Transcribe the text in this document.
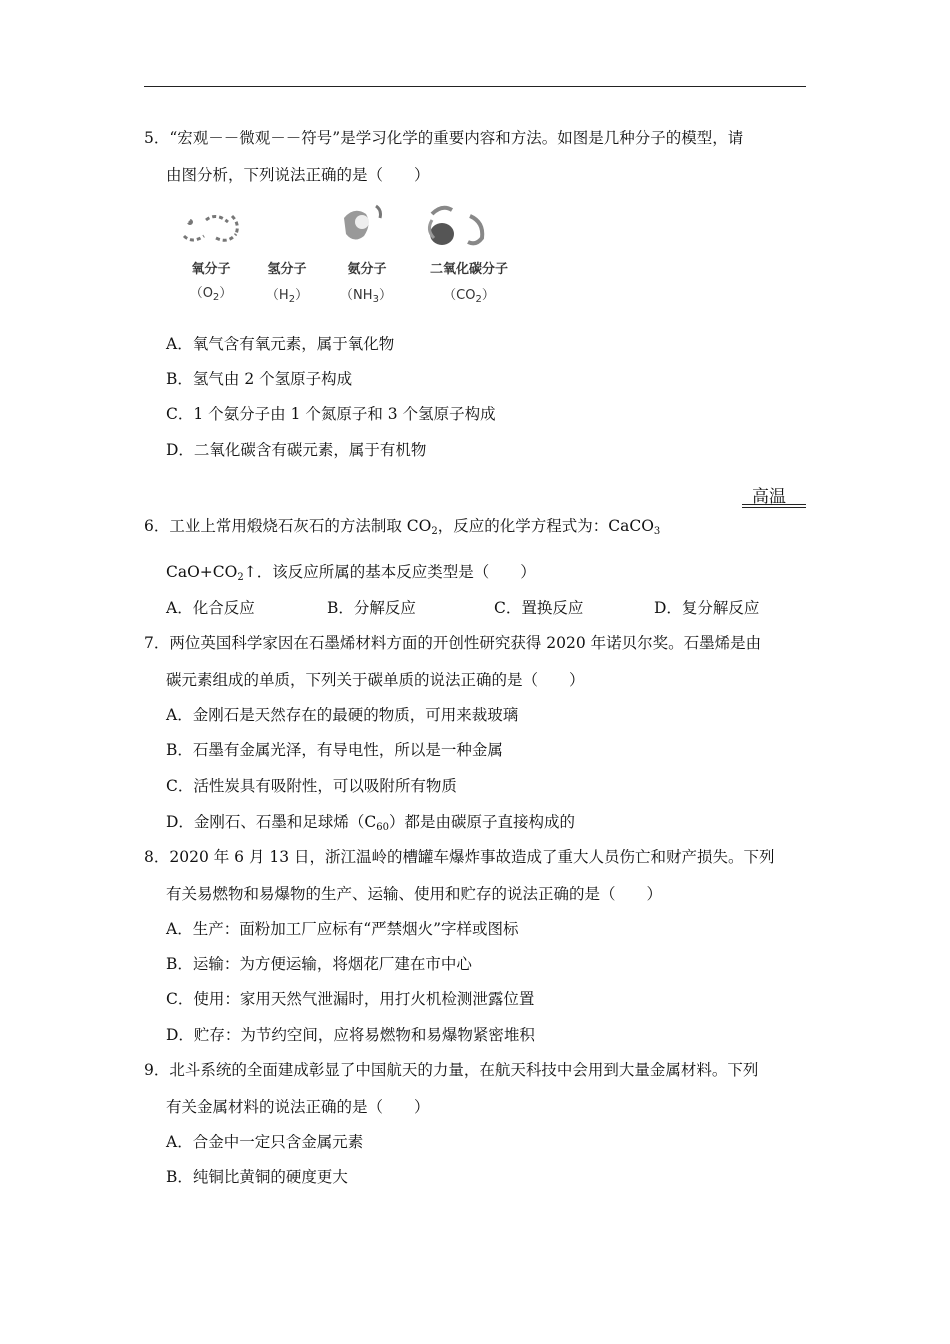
5．“宏观－－微观－－符号”是学习化学的重要内容和方法。如图是几种分子的模型，请
由图分析，下列说法正确的是（　　）
氧分子	氢分子	氨分子	二氧化碳分子
$(O_2)$	$(H_2)$	$(NH_3)$	$(CO_2)$
A．氧气含有氧元素，属于氧化物
B．氢气由 2 个氢原子构成
C．1 个氨分子由 1 个氮原子和 3 个氢原子构成
D．二氧化碳含有碳元素，属于有机物
高温
6．工业上常用煅烧石灰石的方法制取 $CO_2$，反应的化学方程式为：CaCO$_3$
$CaO+CO_2↑$．该反应所属的基本反应类型是（　　）
A．化合反应	B．分解反应	C．置换反应	D．复分解反应
7．两位英国科学家因在石墨烯材料方面的开创性研究获得 2020 年诺贝尔奖。石墨烯是由
碳元素组成的单质，下列关于碳单质的说法正确的是（　　）
A．金刚石是天然存在的最硬的物质，可用来裁玻璃
B．石墨有金属光泽，有导电性，所以是一种金属
C．活性炭具有吸附性，可以吸附所有物质
D．金刚石、石墨和足球烯$(C_{60})$都是由碳原子直接构成的
8．2020 年 6 月 13 日，浙江温岭的槽罐车爆炸事故造成了重大人员伤亡和财产损失。下列
有关易燃物和易爆物的生产、运输、使用和贮存的说法正确的是（　　）
A．生产：面粉加工厂应标有“严禁烟火”字样或图标
B．运输：为方便运输，将烟花厂建在市中心
C．使用：家用天然气泄漏时，用打火机检测泄露位置
D．贮存：为节约空间，应将易燃物和易爆物紧密堆积
9．北斗系统的全面建成彰显了中国航天的力量，在航天科技中会用到大量金属材料。下列
有关金属材料的说法正确的是（　　）
A．合金中一定只含金属元素
B．纯铜比黄铜的硬度更大
